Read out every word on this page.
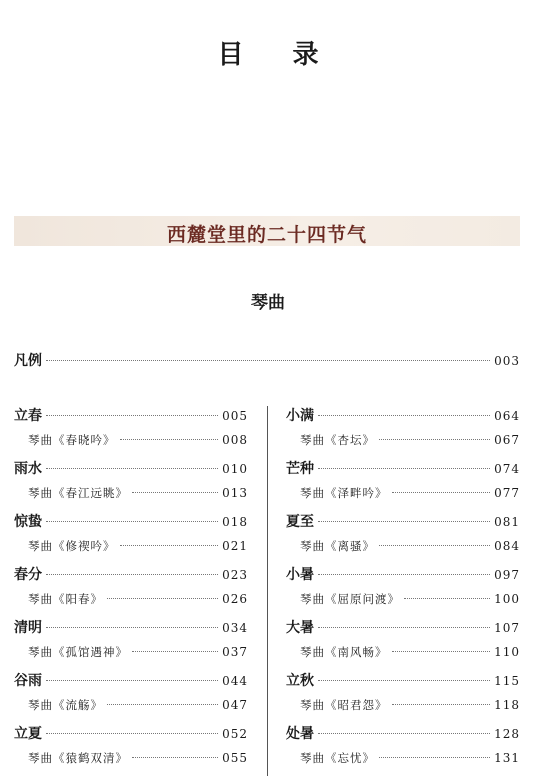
目 录
西麓堂里的二十四节气
琴曲
凡例	003
立春	005
琴曲《春晓吟》	008
雨水	010
琴曲《春江远眺》	013
惊蛰	018
琴曲《修禊吟》	021
春分	023
琴曲《阳春》	026
清明	034
琴曲《孤馆遇神》	037
谷雨	044
琴曲《流觞》	047
立夏	052
琴曲《猿鹤双清》	055
小满	064
琴曲《杏坛》	067
芒种	074
琴曲《泽畔吟》	077
夏至	081
琴曲《离骚》	084
小暑	097
琴曲《屈原问渡》	100
大暑	107
琴曲《南风畅》	110
立秋	115
琴曲《昭君怨》	118
处暑	128
琴曲《忘忧》	131
